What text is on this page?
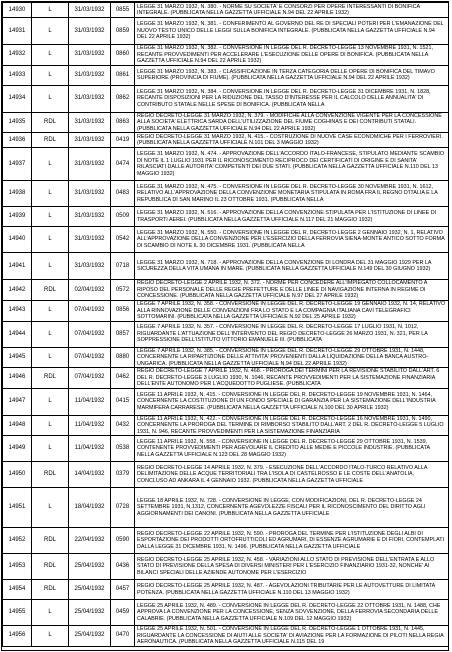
14930	L	31/03/1932	0855	LEGGE 31 MARZO 1932, N. 380. - NORME SU SOCIETA' E CONSORZI PER OPERE INTERESSANTI DI BONIFICA INTEGRALE. (PUBBLICATA NELLA GAZZETTA UFFICIALE N.94 DEL 22 APRILE 1932)
14931	L	31/03/1932	0859	LEGGE 31 MARZO 1932, N. 381. - CONFERIMENTO AL GOVERNO DEL RE DI SPECIALI POTERI PER L'EMANAZIONE DEL NUOVO TESTO UNICO DELLE LEGGI SULLA BONIFICA INTEGRALE. (PUBBLICATA NELLA GAZZETTA UFFICIALE N.94 DEL 22 APRILE 1932)
14932	L	31/03/1932	0860	LEGGE 31 MARZO 1932, N. 382. - CONVERSIONE IN LEGGE DEL R. DECRETO-LEGGE 13 NOVEMBRE 1931, N. 1521, RECANTE PROVVEDIMENTI PER ACCELERARE L'ESECUZIONE DELLE OPERE DI BONIFICA. (PUBBLICATA NELLA GAZZETTA UFFICIALE N.94 DEL 22 APRILE 1932)
14933	L	31/03/1932	0861	LEGGE 31 MARZO 1932, N. 383. - CLASSIFICAZIONE IN TERZA CATEGORIA DELLE OPERE DI BONIFICA DEL TIMAVO SUPERIORE (PROVINCIA DI FIUME). (PUBBLICATA NELLA GAZZETTA UFFICIALE N.94 DEL 22 APRILE 1932)
14934	L	31/03/1932	0862	LEGGE 31 MARZO 1932, N. 384. - CONVERSIONE IN LEGGE DEL R. DECRETO-LEGGE 31 DICEMBRE 1931, N. 1828, RECANTE DISPOSIZIONI PER LA RIDUZIONE DEL TASSO D'INTERESSE PER IL CALCOLO DELLE ANNUALITA' DI CONTRIBUTO STATALE NELLE SPESE DI BONIFICA. (PUBBLICATA NELLA
14935	RDL	31/03/1932	0863	REGIO DECRETO-LEGGE 31 MARZO 1932, N. 379. - MODIFICHE ALLA CONVENZIONE VIGENTE PER LA CONCESSIONE ALLA SOCIETA' ELETTRICA SARDA DELL'UTILIZZAZIONE DEL FIUME COGHINAS E DEI CONTRIBUTI STATALI. (PUBBLICATA NELLA GAZZETTA UFFICIALE N.94 DEL 22 APRILE 1932)
14936	RDL	31/03/1932	0419	REGIO DECRETO-LEGGE 31 MARZO 1932, N. 415. - COSTRUZIONE DI NUOVE CASE ECONOMICHE PER I FERROVIERI. (PUBBLICATA NELLA GAZZETTA UFFICIALE N.101 DEL 3 MAGGIO 1932)
14937	L	31/03/1932	0474	LEGGE 31 MARZO 1932, N. 474. - APPROVAZIONE DELL'ACCORDO ITALO-FRANCESE, STIPULATO MEDIANTE SCAMBIO DI NOTE IL 1 LUGLIO 1931 PER IL RICONOSCIMENTO RECIPROCO DEI CERTIFICATI DI ORIGINE E DI SANITA' RILASCIATI DALLE AUTORITA' COMPETENTI DEI DUE STATI. (PUBBLICATA NELLA GAZZETTA UFFICIALE N.110 DEL 13 MAGGIO 1932)
14938	L	31/03/1932	0483	LEGGE 31 MARZO 1932, N. 475. - CONVERSIONE IN LEGGE DEL R. DECRETO-LEGGE 30 NOVEMBRE 1931, N. 1612, RELATIVO ALL'APPROVAZIONE DELLA CONVENZIONE MONETARIA STIPULATA IN ROMA FRA IL REGNO D'ITALIA E LA REPUBBLICA DI SAN MARINO IL 23 OTTOBRE 1931. (PUBBLICATA NELLA
14939	L	31/03/1932	0509	LEGGE 31 MARZO 1932, N. 516. - APPROVAZIONE DELLA CONVENZIONE STIPULATA PER L'ISTITUZIONE DI LINEE DI TRASPORTI AEREI. (PUBBLICATA NELLA GAZZETTA UFFICIALE N.117 DEL 21 MAGGIO 1932)
14940	L	31/03/1932	0542	LEGGE 31 MARZO 1932, N. 550. - CONVERSIONE IN LEGGE DEL R. DECRETO-LEGGE 2 GENNAIO 1932, N. 1, RELATIVO ALL'APPROVAZIONE DELLA CONVENZIONE PER L'ESERCIZIO DELLA FERROVIA SIENA-MONTE ANTICO SOTTO FORMA DI SCAMBIO DI NOTE IL 30 DICEMBRE 1931. (PUBBLICATA NELLA
14941	L	31/03/1932	0718	LEGGE 31 MARZO 1932, N. 718. - APPROVAZIONE DELLA CONVENZIONE DI LONDRA DEL 31 MAGGIO 1929 PER LA SICUREZZA DELLA VITA UMANA IN MARE. (PUBBLICATA NELLA GAZZETTA UFFICIALE N.149 DEL 30 GIUGNO 1932)
14942	RDL	02/04/1932	0572	REGIO DECRETO-LEGGE 2 APRILE 1932, N. 372. - NORME PER CONCEDERE ALL'IMPIEGATO COLLOCAMENTO A RIPOSO DEL PERSONALE DELLE REGIE PREFETTURE E DELLE LINEE DI NAVIGAZIONE INTERNA IN REGIME DI CONCESSIONE. (PUBBLICATA NELLA GAZZETTA UFFICIALE N.97 DEL 27 APRILE 1932)
14943	L	07/04/1932	0856	LEGGE 7 APRILE 1932, N. 358. - CONVERSIONE IN LEGGE DEL R. DECRETO-LEGGE 19 GENNAIO 1932, N. 14, RELATIVO ALLA RINNOVAZIONE DELLE CONVENZIONI FRA LO STATO E LA COMPAGNIA ITALIANA CAVI TELEGRAFICI SOTTOMARINI. (PUBBLICATA NELLA GAZZETTA UFFICIALE N.92 DEL 25 APRILE 1932)
14944	L	07/04/1932	0857	LEGGE 7 APRILE 1932, N. 357. - CONVERSIONE IN LEGGE DEL R. DECRETO-LEGGE 17 LUGLIO 1931, N. 1012, RIGUARDANTE L'ATTUAZIONE DELL'INTERVENTO DEL REGIO DECRETO-LEGGE 26 MARZO 1931, N. 321, PER LA SOPPRESSIONE DELL'ISTITUTO VITTORIO EMANUELE III. (PUBBLICATA
14945	L	07/04/1932	0880	LEGGE 7 APRILE 1932, N. 385. - CONVERSIONE IN LEGGE DEL R. DECRETO-LEGGE 29 OTTOBRE 1931, N. 1448, CONCERNENTE LA RIPARTIZIONE DELLE ATTIVITA' PROVENIENTI DALLA LIQUIDAZIONE DELLA BANCA AUSTRO-UNGARICA. (PUBBLICATA NELLA GAZZETTA UFFICIALE N.94 DEL 22 APRILE 1932)
14946	RDL	07/04/1932	0462	REGIO DECRETO-LEGGE 7 APRILE 1932, N. 468. - PROROGA DEI TERMINI PER LA REVISIONE STABILITO DALL'ART. 6 DEL R. DECRETO-LEGGE 3 LUGLIO 1930, N. 1046, RECANTE PROVVEDIMENTI PER LA SISTEMAZIONE FINANZIARIA DELL'ENTE AUTONOMO PER L'ACQUEDOTTO PUGLIESE. (PUBBLICATA
14947	L	11/04/1932	0415	LEGGE 11 APRILE 1932, N. 415. - CONVERSIONE IN LEGGE DEL R. DECRETO-LEGGE 19 NOVEMBRE 1931, N. 1464, CONCERNENTE LA COSTITUZIONE DI UN FONDO SPECIALE DI GARANZIA PER LA SISTEMAZIONE DELL'INDUSTRIA MARMIFERA CARRARESE. (PUBBLICATA NELLA GAZZETTA UFFICIALE N.100 DEL 30 APRILE 1932)
14948	L	11/04/1932	0432	LEGGE 11 APRILE 1932, N. 422. - CONVERSIONE IN LEGGE DEL R. DECRETO-LEGGE 16 NOVEMBRE 1931, N. 1490, CONCERNENTE LA PROROGA DEL TERMINE DI RIMBORSO STABILITO DALL'ART. 2 DEL R. DECRETO-LEGGE 5 LUGLIO 1931, N. 946, RECANTE PROVVEDIMENTI PER LA SISTEMAZIONE FINANZIARIA
14949	L	11/04/1932	0538	LEGGE 11 APRILE 1932, N. 558. - CONVERSIONE IN LEGGE DEL R. DECRETO-LEGGE 29 OTTOBRE 1931, N. 1539, CONTENENTE PROVVEDIMENTI PER AGEVOLARE IL CREDITO ALLE MEDIE E PICCOLE INDUSTRIE. (PUBBLICATA NELLA GAZZETTA UFFICIALE N.123 DEL 28 MAGGIO 1932)
14950	RDL	14/04/1932	0379	REGIO DECRETO-LEGGE 14 APRILE 1932, N. 379. - ESECUZIONE DELL'ACCORDO ITALO-TURCO RELATIVO ALLA DELIMITAZIONE DELLE ACQUE TERRITORIALI TRA L'ISOLA DI CASTELROSSO E LE COSTE DELL'ANATOLIA, CONCLUSO AD ANKARA IL 4 GENNAIO 1932. (PUBBLICATA NELLA GAZZETTA UFFICIALE
14951	L	18/04/1932	0728	LEGGE 18 APRILE 1932, N. 728. - CONVERSIONE IN LEGGE, CON MODIFICAZIONI, DEL R. DECRETO-LEGGE 24 SETTEMBRE 1931, N.1312, CONCERNENTE AGEVOLEZZE FISCALI PER IL RICONOSCIMENTO DEL DIRITTO AGLI AGGIORNAMENTI DEI CANONI. (PUBBLICATA NELLA GAZZETTA UFFICIALE
14952	RDL	22/04/1932	0590	REGIO DECRETO-LEGGE 22 APRILE 1932, N. 590. - PROROGA DEL TERMINE PER L'ISTITUZIONE DEGLI ALBI DI ESPORTAZIONE DEI PRODOTTI ORTOFRUTTICOLI ED AGRUMARI, DI ESSENZE AGRUMARIE E DI FIORI, CONTEMPLATI DALLA LEGGE 31 DICEMBRE 1931, N. 1496. (PUBBLICATA NELLA GAZZETTA UFFICIALE
14953	RDL	25/04/1932	0436	REGIO DECRETO-LEGGE 25 APRILE 1932, N. 458. - VARIAZIONI ALLO STATO DI PREVISIONE DELL'ENTRATA E ALLO STATO DI PREVISIONE DELLA SPESA DI DIVERSI MINISTERI PER L'ESERCIZIO FINANZIARIO 1931-32, NONCHE' AI BILANCI SPECIALI DELLE AZIENDE AUTONOME PER L'ESERCIZIO
14954	RDL	25/04/1932	0457	REGIO DECRETO-LEGGE 25 APRILE 1932, N. 487. - AGEVOLAZIONI TRIBUTARIE PER LE AUTOVETTURE DI LIMITATA POTENZA. (PUBBLICATA NELLA GAZZETTA UFFICIALE N.110 DEL 13 MAGGIO 1932)
14955	L	25/04/1932	0459	LEGGE 25 APRILE 1932, N. 489. - CONVERSIONE IN LEGGE DEL R. DECRETO-LEGGE 22 OTTOBRE 1931, N. 1488, CHE APPROVA LA CONVENZIONE PER LA CONCESSIONE, SENZA SOVVENZIONE, DELLA FERROVIA SECONDARIA DELLE CALABRIE. (PUBBLICATA NELLA GAZZETTA UFFICIALE N.109 DEL 12 MAGGIO 1932)
14956	L	25/04/1932	0470	LEGGE 25 APRILE 1932, N. 501. - CONVERSIONE IN LEGGE DEL R. DECRETO-LEGGE 1 OTTOBRE 1931, N. 1445, RIGUARDANTE LA CONCESSIONE DI AIUTI ALLE SOCIETA' DI AVIAZIONE PER LA FORMAZIONE DI PILOTI NELLA REGIA AERONAUTICA. (PUBBLICATA NELLA GAZZETTA UFFICIALE N.115 DEL 19
